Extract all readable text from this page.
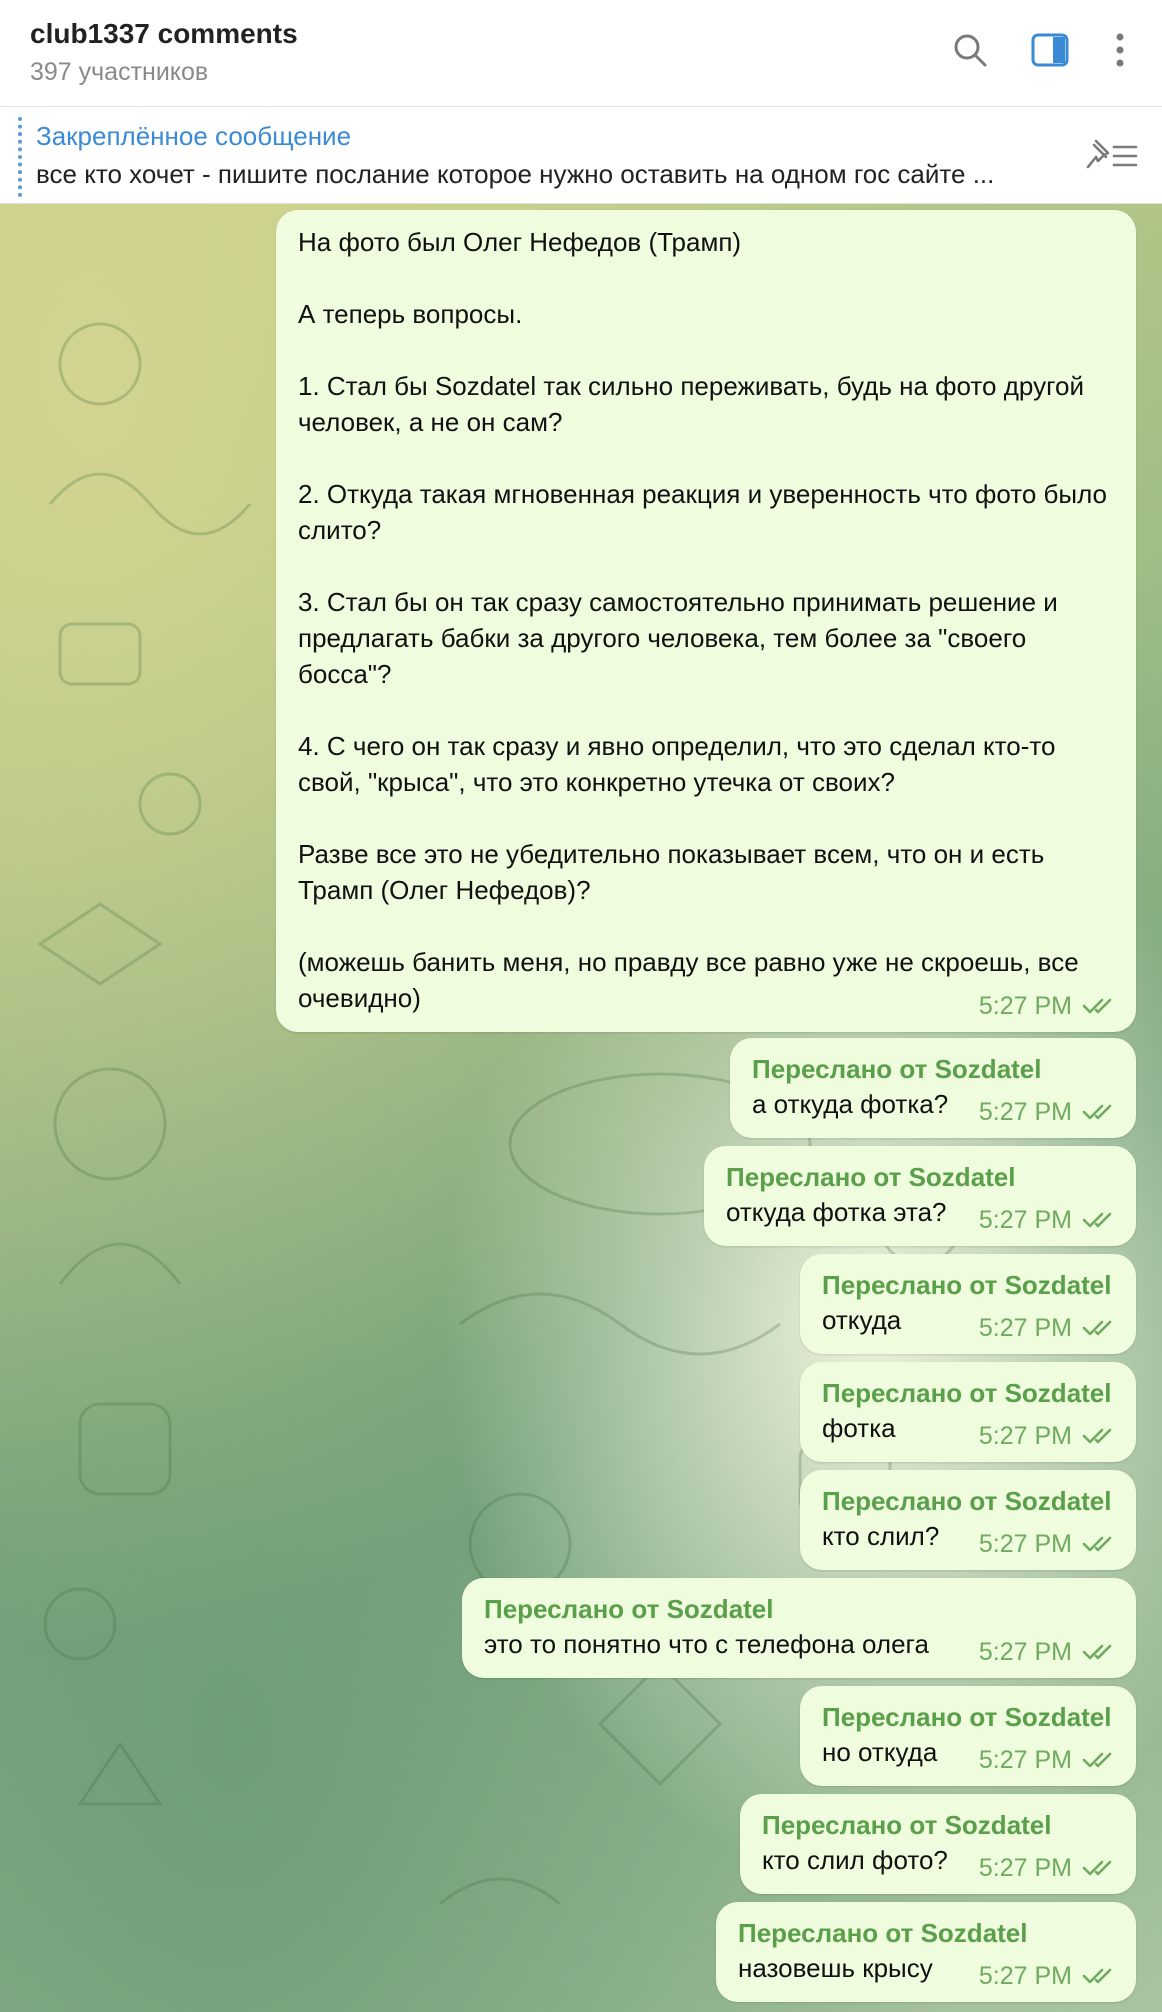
club1337 comments
397 участников
Закреплённое сообщение
все кто хочет - пишите послание которое нужно оставить на одном гос сайте ...
На фото был Олег Нефедов (Трамп)

А теперь вопросы.

1. Стал бы Sozdatel так сильно переживать, будь на фото другой человек, а не он сам?

2. Откуда такая мгновенная реакция и уверенность что фото было слито?

3. Стал бы он так сразу самостоятельно принимать решение и предлагать бабки за другого человека, тем более за "своего босса"?

4. С чего он так сразу и явно определил, что это сделал кто-то свой, "крыса", что это конкретно утечка от своих?

Разве все это не убедительно показывает всем, что он и есть Трамп (Олег Нефедов)?

(можешь банить меня, но правду все равно уже не скроешь, все очевидно)	5:27 PM
Переслано от Sozdatel
а откуда фотка?	5:27 PM
Переслано от Sozdatel
откуда фотка эта?	5:27 PM
Переслано от Sozdatel
откуда	5:27 PM
Переслано от Sozdatel
фотка	5:27 PM
Переслано от Sozdatel
кто слил?	5:27 PM
Переслано от Sozdatel
это то понятно что с телефона олега	5:27 PM
Переслано от Sozdatel
но откуда	5:27 PM
Переслано от Sozdatel
кто слил фото?	5:27 PM
Переслано от Sozdatel
назовешь крысу	5:27 PM
